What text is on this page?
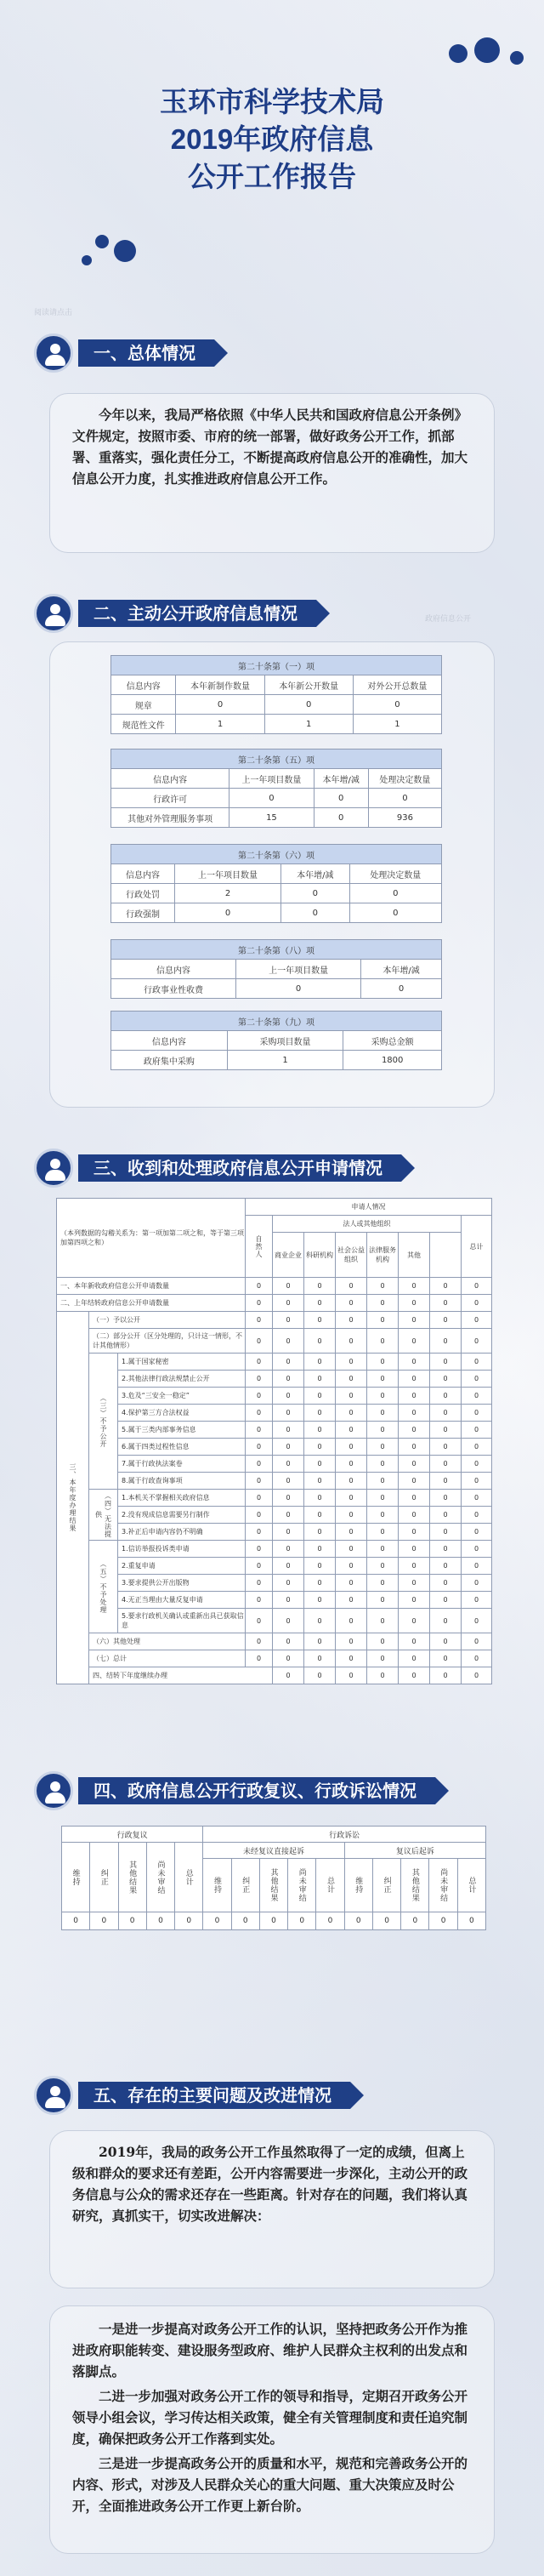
阅读请点击
政府信息公开
玉环市科学技术局
2019年政府信息
公开工作报告
一、总体情况
今年以来，我局严格依照《中华人民共和国政府信息公开条例》文件规定，按照市委、市府的统一部署，做好政务公开工作，抓部署、重落实，强化责任分工，不断提高政府信息公开的准确性，加大信息公开力度，扎实推进政府信息公开工作。
二、主动公开政府信息情况
第二十条第（一）项			
信息内容	本年新制作数量	本年新公开数量	对外公开总数量
规章	0	0	0
规范性文件	1	1	1
第二十条第（五）项			
信息内容	上一年项目数量	本年增/减	处理决定数量
行政许可	0	0	0
其他对外管理服务事项	15	0	936
第二十条第（六）项			
信息内容	上一年项目数量	本年增/减	处理决定数量
行政处罚	2	0	0
行政强制	0	0	0
第二十条第（八）项		
信息内容	上一年项目数量	本年增/减
行政事业性收费	0	0
第二十条第（九）项		
信息内容	采购项目数量	采购总金额
政府集中采购	1	1800
三、收到和处理政府信息公开申请情况
（本列数据的勾稽关系为：第一项加第二项之和，等于第三项加第四项之和）			申请人情况								
			自然人	法人或其他组织						总计	
				商业企业	科研机构	社会公益组织	法律服务机构	其他			
一、本年新收政府信息公开申请数量			0	0	0	0	0	0	0	0	
二、上年结转政府信息公开申请数量			0	0	0	0	0	0	0	0	
三、本年度办理结果	（一）予以公开		0	0	0	0	0	0	0	0	
	（二）部分公开（区分处理的，只计这一情形，不计其他情形）		0	0	0	0	0	0	0	0	
	（三）不予公开	1.属于国家秘密	0	0	0	0	0	0	0	0	
		2.其他法律行政法规禁止公开	0	0	0	0	0	0	0	0	
		3.危及“三安全一稳定”	0	0	0	0	0	0	0	0	
		4.保护第三方合法权益	0	0	0	0	0	0	0	0	
		5.属于三类内部事务信息	0	0	0	0	0	0	0	0	
		6.属于四类过程性信息	0	0	0	0	0	0	0	0	
		7.属于行政执法案卷	0	0	0	0	0	0	0	0	
		8.属于行政查询事项	0	0	0	0	0	0	0	0	
	（四）无法提供	1.本机关不掌握相关政府信息	0	0	0	0	0	0	0	0	
		2.没有现成信息需要另行制作	0	0	0	0	0	0	0	0	
		3.补正后申请内容仍不明确	0	0	0	0	0	0	0	0	
	（五）不予处理	1.信访举报投诉类申请	0	0	0	0	0	0	0	0	
		2.重复申请	0	0	0	0	0	0	0	0	
		3.要求提供公开出版物	0	0	0	0	0	0	0	0	
		4.无正当理由大量反复申请	0	0	0	0	0	0	0	0	
		5.要求行政机关确认或重新出具已获取信息	0	0	0	0	0	0	0	0	
	（六）其他处理		0	0	0	0	0	0	0	0	
	（七）总计		0	0	0	0	0	0	0	0	
	四、结转下年度继续办理			0	0	0	0	0	0	0	
四、政府信息公开行政复议、行政诉讼情况
行政复议					行政诉讼									
维持	纠正	其他结果	尚未审结	总计	未经复议直接起诉					复议后起诉				
					维持	纠正	其他结果	尚未审结	总计	维持	纠正	其他结果	尚未审结	总计
0	0	0	0	0	0	0	0	0	0	0	0	0	0	0
五、存在的主要问题及改进情况
2019年，我局的政务公开工作虽然取得了一定的成绩，但离上级和群众的要求还有差距，公开内容需要进一步深化，主动公开的政务信息与公众的需求还存在一些距离。针对存在的问题，我们将认真研究，真抓实干，切实改进解决：
一是进一步提高对政务公开工作的认识，坚持把政务公开作为推进政府职能转变、建设服务型政府、维护人民群众主权利的出发点和落脚点。
二进一步加强对政务公开工作的领导和指导，定期召开政务公开领导小组会议，学习传达相关政策，健全有关管理制度和责任追究制度，确保把政务公开工作落到实处。
三是进一步提高政务公开的质量和水平，规范和完善政务公开的内容、形式，对涉及人民群众关心的重大问题、重大决策应及时公开，全面推进政务公开工作更上新台阶。
